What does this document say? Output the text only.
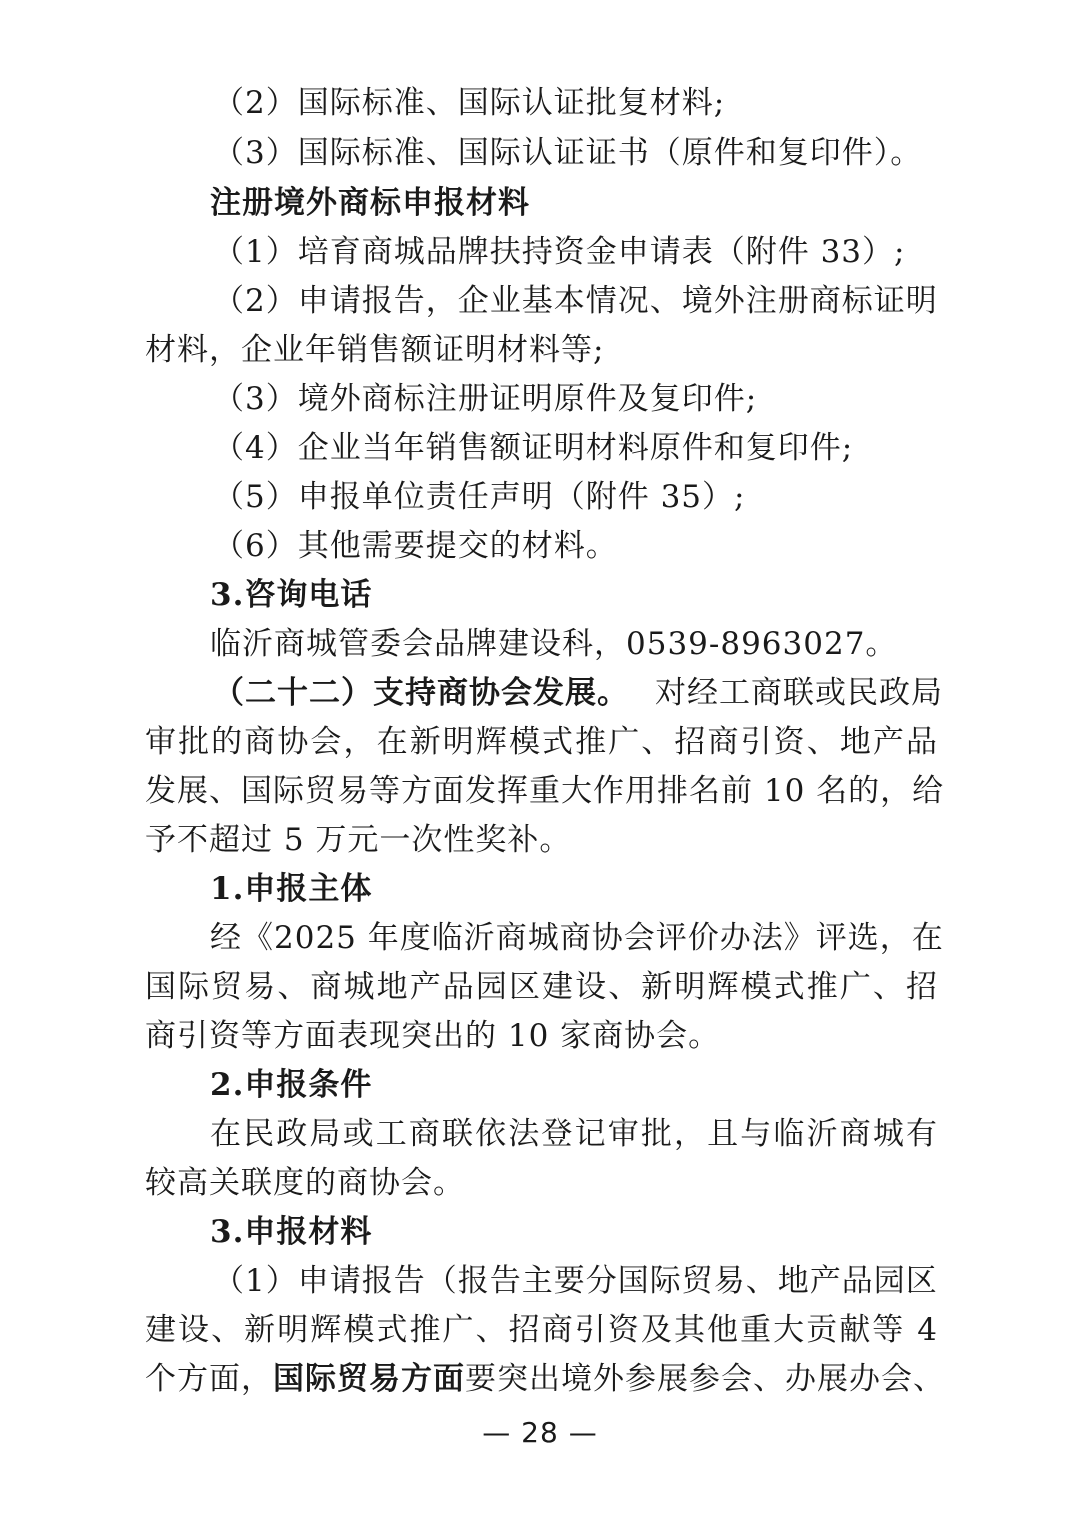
（2）国际标准、国际认证批复材料;
（3）国际标准、国际认证证书（原件和复印件）。
注册境外商标申报材料
（1）培育商城品牌扶持资金申请表（附件 33）;
（2）申请报告，企业基本情况、境外注册商标证明
材料，企业年销售额证明材料等;
（3）境外商标注册证明原件及复印件;
（4）企业当年销售额证明材料原件和复印件;
（5）申报单位责任声明（附件 35）;
（6）其他需要提交的材料。
3.咨询电话
临沂商城管委会品牌建设科，0539-8963027。
（二十二）支持商协会发展。 对经工商联或民政局
审批的商协会，在新明辉模式推广、招商引资、地产品
发展、国际贸易等方面发挥重大作用排名前 10 名的，给
予不超过 5 万元一次性奖补。
1.申报主体
经《2025 年度临沂商城商协会评价办法》评选，在
国际贸易、商城地产品园区建设、新明辉模式推广、招
商引资等方面表现突出的 10 家商协会。
2.申报条件
在民政局或工商联依法登记审批，且与临沂商城有
较高关联度的商协会。
3.申报材料
（1）申请报告（报告主要分国际贸易、地产品园区
建设、新明辉模式推广、招商引资及其他重大贡献等 4
个方面， 国际贸易方面 要突出境外参展参会、办展办会、
— 28 —
